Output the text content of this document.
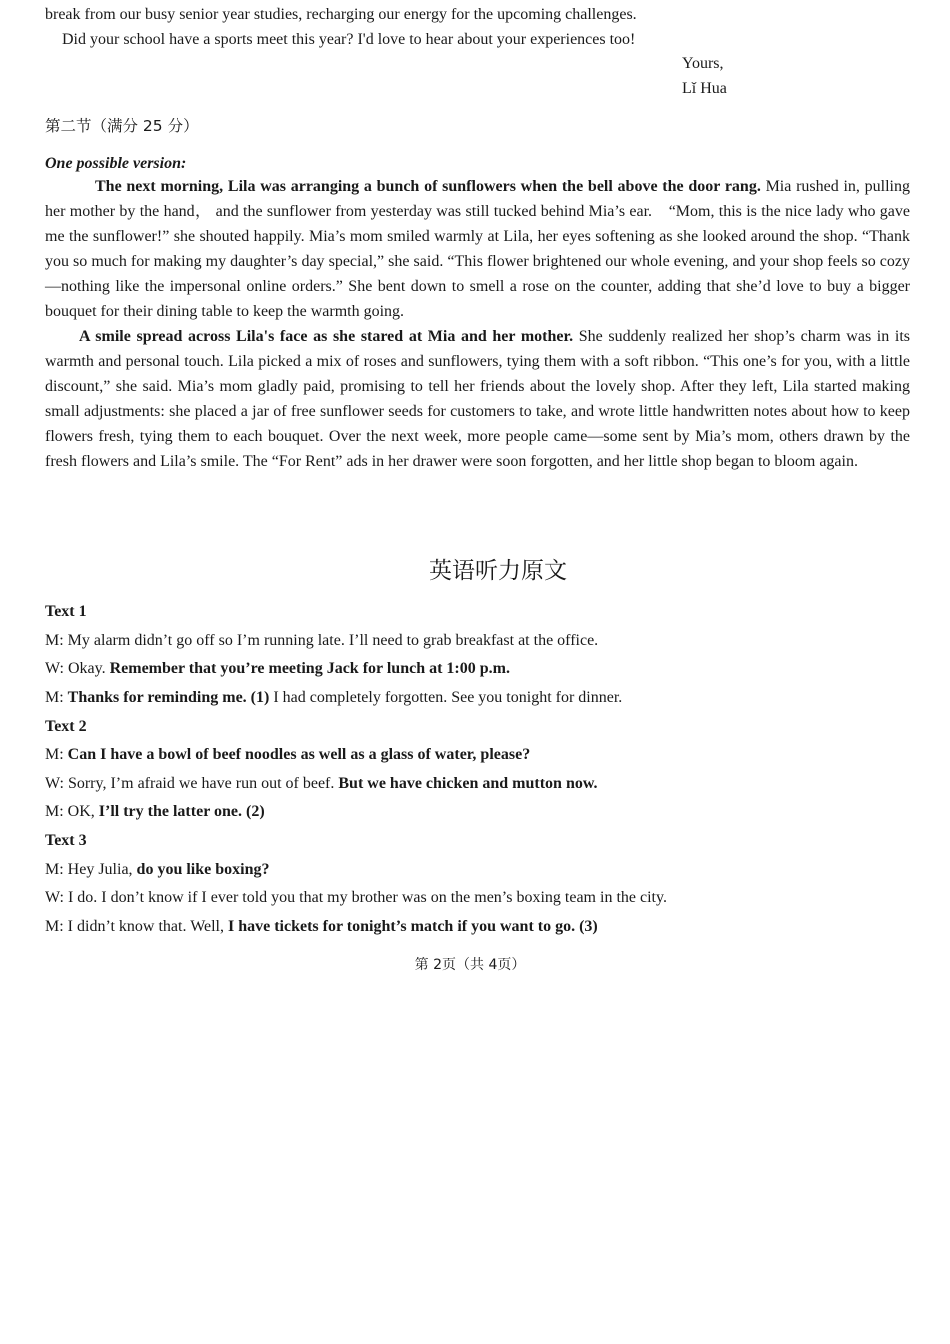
break from our busy senior year studies, recharging our energy for the upcoming challenges.
Did your school have a sports meet this year? I'd love to hear about your experiences too!
Yours,
Lǐ Hua
第二节（满分 25 分）
One possible version:
The next morning, Lila was arranging a bunch of sunflowers when the bell above the door rang. Mia rushed in, pulling her mother by the hand， and the sunflower from yesterday was still tucked behind Mia’s ear.　“Mom, this is the nice lady who gave me the sunflower!” she shouted happily. Mia’s mom smiled warmly at Lila, her eyes softening as she looked around the shop. “Thank you so much for making my daughter’s day special,” she said. “This flower brightened our whole evening, and your shop feels so cozy—nothing like the impersonal online orders.” She bent down to smell a rose on the counter, adding that she’d love to buy a bigger bouquet for their dining table to keep the warmth going.
A smile spread across Lila's face as she stared at Mia and her mother. She suddenly realized her shop’s charm was in its warmth and personal touch. Lila picked a mix of roses and sunflowers, tying them with a soft ribbon. “This one’s for you, with a little discount,” she said. Mia’s mom gladly paid, promising to tell her friends about the lovely shop. After they left, Lila started making small adjustments: she placed a jar of free sunflower seeds for customers to take, and wrote little handwritten notes about how to keep flowers fresh, tying them to each bouquet. Over the next week, more people came—some sent by Mia’s mom, others drawn by the fresh flowers and Lila’s smile. The “For Rent” ads in her drawer were soon forgotten, and her little shop began to bloom again.
英语听力原文
Text 1
M: My alarm didn’t go off so I’m running late. I’ll need to grab breakfast at the office.
W: Okay. Remember that you’re meeting Jack for lunch at 1:00 p.m.
M: Thanks for reminding me. (1) I had completely forgotten. See you tonight for dinner.
Text 2
M: Can I have a bowl of beef noodles as well as a glass of water, please?
W: Sorry, I’m afraid we have run out of beef. But we have chicken and mutton now.
M: OK, I’ll try the latter one. (2)
Text 3
M: Hey Julia, do you like boxing?
W: I do. I don’t know if I ever told you that my brother was on the men’s boxing team in the city.
M: I didn’t know that. Well, I have tickets for tonight’s match if you want to go. (3)
第 2页（共 4页）
